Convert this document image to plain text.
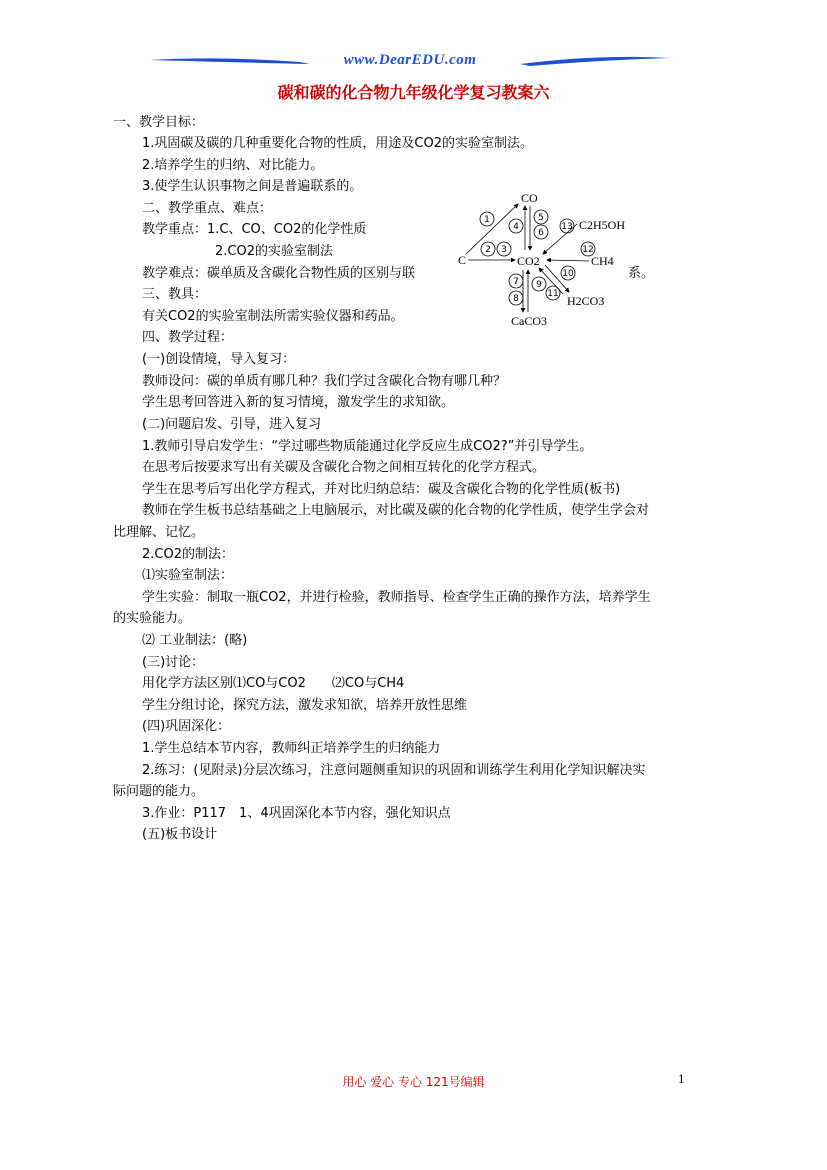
www.DearEDU.com
碳和碳的化合物九年级化学复习教案六
一、教学目标：
1.巩固碳及碳的几种重要化合物的性质，用途及CO2的实验室制法。
2.培养学生的归纳、对比能力。
3.使学生认识事物之间是普遍联系的。
二、教学重点、难点：
教学重点：1.C、CO、CO2的化学性质
2.CO2的实验室制法
教学难点：碳单质及含碳化合物性质的区别与联	系。
三、教具：
有关CO2的实验室制法所需实验仪器和药品。
四、教学过程：
(一)创设情境，导入复习：
教师设问：碳的单质有哪几种？我们学过含碳化合物有哪几种？
学生思考回答进入新的复习情境，激发学生的求知欲。
(二)问题启发、引导，进入复习
1.教师引导启发学生：“学过哪些物质能通过化学反应生成CO2?”并引导学生。
在思考后按要求写出有关碳及含碳化合物之间相互转化的化学方程式。
学生在思考后写出化学方程式，并对比归纳总结：碳及含碳化合物的化学性质(板书)
教师在学生板书总结基础之上电脑展示，对比碳及碳的化合物的化学性质，使学生学会对
比理解、记忆。
2.CO2的制法：
⑴实验室制法：
学生实验：制取一瓶CO2，并进行检验，教师指导、检查学生正确的操作方法，培养学生
的实验能力。
⑵ 工业制法：(略)
(三)讨论：
用化学方法区别⑴CO与CO2　　⑵CO与CH4
学生分组讨论，探究方法，激发求知欲，培养开放性思维
(四)巩固深化：
1.学生总结本节内容，教师纠正培养学生的归纳能力
2.练习：(见附录)分层次练习，注意问题侧重知识的巩固和训练学生利用化学知识解决实
际问题的能力。
3.作业：P117　1、4巩固深化本节内容，强化知识点
(五)板书设计
CO
C	CO2
C2H5OH
CH4
H2CO3
CaCO3
1
2 3
4
5
6
7
8
9
10
11
12
13
用心 爱心 专心 121号编辑	1
